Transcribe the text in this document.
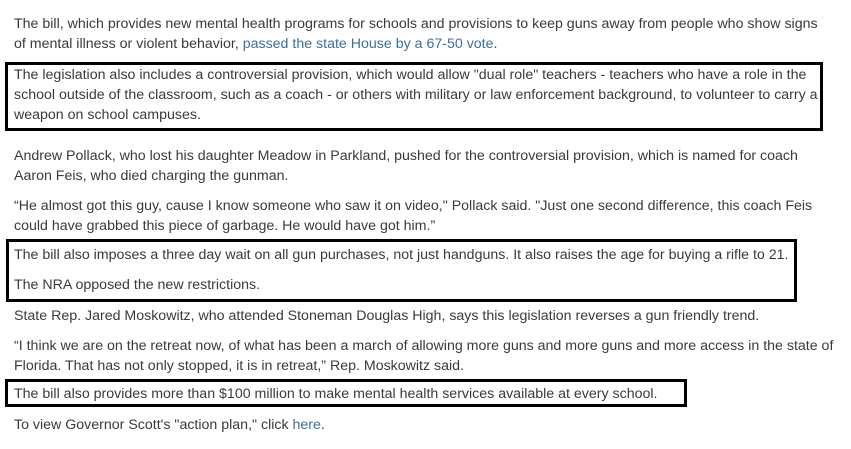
The bill, which provides new mental health programs for schools and provisions to keep guns away from people who show signs
of mental illness or violent behavior, passed the state House by a 67-50 vote.

The legislation also includes a controversial provision, which would allow "dual role" teachers - teachers who have a role in the
school outside of the classroom, such as a coach - or others with military or law enforcement background, to volunteer to carry a
weapon on school campuses.

Andrew Pollack, who lost his daughter Meadow in Parkland, pushed for the controversial provision, which is named for coach
Aaron Feis, who died charging the gunman.

“He almost got this guy, cause I know someone who saw it on video," Pollack said. "Just one second difference, this coach Feis
could have grabbed this piece of garbage. He would have got him.”

The bill also imposes a three day wait on all gun purchases, not just handguns. It also raises the age for buying a rifle to 21.

The NRA opposed the new restrictions.

State Rep. Jared Moskowitz, who attended Stoneman Douglas High, says this legislation reverses a gun friendly trend.

“I think we are on the retreat now, of what has been a march of allowing more guns and more guns and more access in the state of
Florida. That has not only stopped, it is in retreat,” Rep. Moskowitz said.

The bill also provides more than $100 million to make mental health services available at every school.

To view Governor Scott's "action plan," click here.
